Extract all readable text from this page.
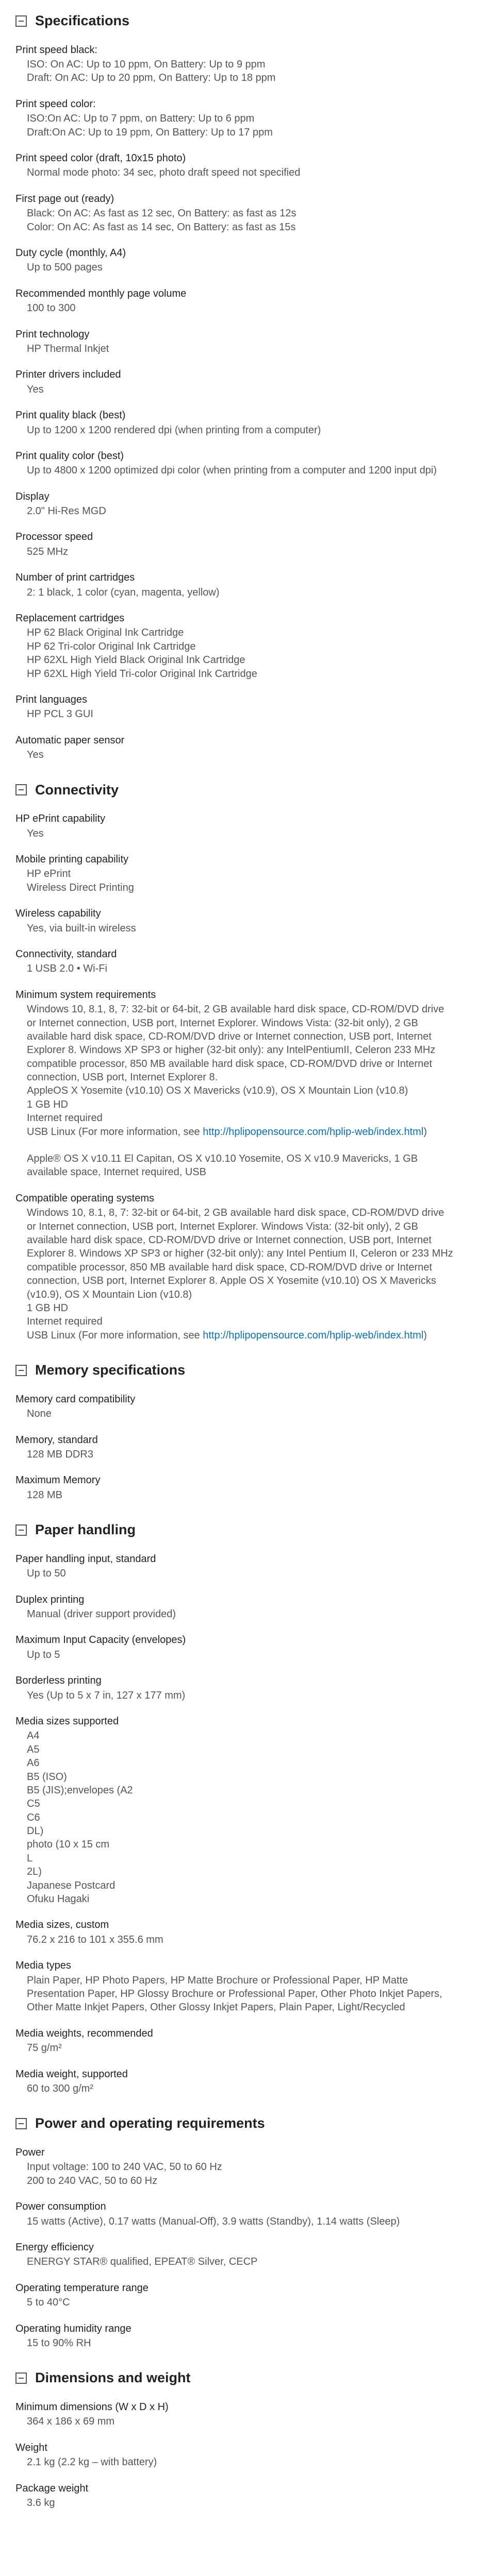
Specifications
Print speed black:

ISO: On AC: Up to 10 ppm, On Battery: Up to 9 ppm

Draft: On AC: Up to 20 ppm, On Battery: Up to 18 ppm

Print speed color:

ISO:On AC: Up to 7 ppm, on Battery: Up to 6 ppm

Draft:On AC: Up to 19 ppm, On Battery: Up to 17 ppm

Print speed color (draft, 10x15 photo)

Normal mode photo: 34 sec, photo draft speed not specified

First page out (ready)

Black: On AC: As fast as 12 sec, On Battery: as fast as 12s

Color: On AC: As fast as 14 sec, On Battery: as fast as 15s

Duty cycle (monthly, A4)

Up to 500 pages

Recommended monthly page volume

100 to 300

Print technology

HP Thermal Inkjet

Printer drivers included

Yes

Print quality black (best)

Up to 1200 x 1200 rendered dpi (when printing from a computer)

Print quality color (best)

Up to 4800 x 1200 optimized dpi color (when printing from a computer and 1200 input dpi)

Display

2.0" Hi-Res MGD

Processor speed

525 MHz

Number of print cartridges

2: 1 black, 1 color (cyan, magenta, yellow)

Replacement cartridges

HP 62 Black Original Ink Cartridge

HP 62 Tri-color Original Ink Cartridge

HP 62XL High Yield Black Original Ink Cartridge

HP 62XL High Yield Tri-color Original Ink Cartridge

Print languages

HP PCL 3 GUI

Automatic paper sensor

Yes

Connectivity
HP ePrint capability

Yes

Mobile printing capability

HP ePrint

Wireless Direct Printing

Wireless capability

Yes, via built-in wireless

Connectivity, standard

1 USB 2.0 • Wi-Fi

Minimum system requirements

Windows 10, 8.1, 8, 7: 32-bit or 64-bit, 2 GB available hard disk space, CD-ROM/DVD drive or Internet connection, USB port, Internet Explorer. Windows Vista: (32-bit only), 2 GB available hard disk space, CD-ROM/DVD drive or Internet connection, USB port, Internet Explorer 8. Windows XP SP3 or higher (32-bit only): any IntelPentiumII, Celeron 233 MHz compatible processor, 850 MB available hard disk space, CD-ROM/DVD drive or Internet connection, USB port, Internet Explorer 8.

AppleOS X Yosemite (v10.10) OS X Mavericks (v10.9), OS X Mountain Lion (v10.8)

1 GB HD

Internet required

USB Linux (For more information, see http://hplipopensource.com/hplip-web/index.html)

Apple® OS X v10.11 El Capitan, OS X v10.10 Yosemite, OS X v10.9 Mavericks, 1 GB available space, Internet required, USB

Compatible operating systems

Windows 10, 8.1, 8, 7: 32-bit or 64-bit, 2 GB available hard disk space, CD-ROM/DVD drive or Internet connection, USB port, Internet Explorer. Windows Vista: (32-bit only), 2 GB available hard disk space, CD-ROM/DVD drive or Internet connection, USB port, Internet Explorer 8. Windows XP SP3 or higher (32-bit only): any Intel Pentium II, Celeron or 233 MHz compatible processor, 850 MB available hard disk space, CD-ROM/DVD drive or Internet connection, USB port, Internet Explorer 8. Apple OS X Yosemite (v10.10) OS X Mavericks (v10.9), OS X Mountain Lion (v10.8)

1 GB HD

Internet required

USB Linux (For more information, see http://hplipopensource.com/hplip-web/index.html)

Memory specifications
Memory card compatibility

None

Memory, standard

128 MB DDR3

Maximum Memory

128 MB

Paper handling
Paper handling input, standard

Up to 50

Duplex printing

Manual (driver support provided)

Maximum Input Capacity (envelopes)

Up to 5

Borderless printing

Yes (Up to 5 x 7 in, 127 x 177 mm)

Media sizes supported

A4

A5

A6

B5 (ISO)

B5 (JIS);envelopes (A2

C5

C6

DL)

photo (10 x 15 cm

L

2L)

Japanese Postcard

Ofuku Hagaki

Media sizes, custom

76.2 x 216 to 101 x 355.6 mm

Media types

Plain Paper, HP Photo Papers, HP Matte Brochure or Professional Paper, HP Matte Presentation Paper, HP Glossy Brochure or Professional Paper, Other Photo Inkjet Papers, Other Matte Inkjet Papers, Other Glossy Inkjet Papers, Plain Paper, Light/Recycled

Media weights, recommended

75 g/m²

Media weight, supported

60 to 300 g/m²

Power and operating requirements
Power

Input voltage: 100 to 240 VAC, 50 to 60 Hz

200 to 240 VAC, 50 to 60 Hz

Power consumption

15 watts (Active), 0.17 watts (Manual-Off), 3.9 watts (Standby), 1.14 watts (Sleep)

Energy efficiency

ENERGY STAR® qualified, EPEAT® Silver, CECP

Operating temperature range

5 to 40°C

Operating humidity range

15 to 90% RH

Dimensions and weight
Minimum dimensions (W x D x H)

364 x 186 x 69 mm

Weight

2.1 kg (2.2 kg – with battery)

Package weight

3.6 kg
